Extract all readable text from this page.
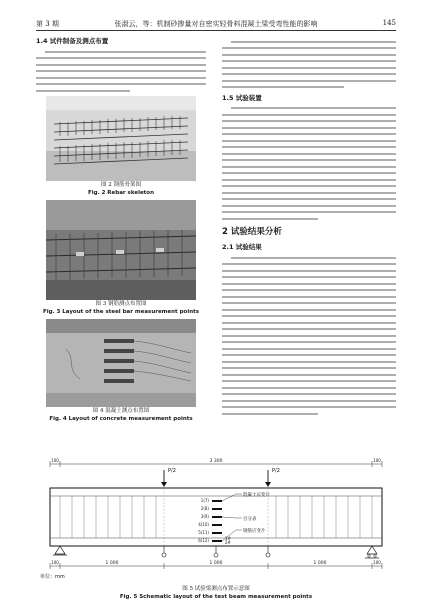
第 3 期	张淑云，等：机制砂掺量对自密实轻骨料混凝土梁受弯性能的影响	145
1.4 试件制备及测点布置
图 2 钢筋骨架图
Fig. 2 Rebar skeleton
图 3 钢筋测点布置图
Fig. 3 Layout of the steel bar measurement points
图 4 混凝土测点布置图
Fig. 4 Layout of concrete measurement points
1.5 试验装置
2 试验结果分析
2.1 试验结果
100	3 300	100
P/2	P/2
1(7)
2(8)
3(9)
4(10)
5(11)
6(12)	1#
2#
混凝土应变片
百分表
钢筋应变片
100	1 000	1 000	1 000	100
单位：mm
图 5 试验梁测点布置示意图
Fig. 5 Schematic layout of the test beam measurement points
